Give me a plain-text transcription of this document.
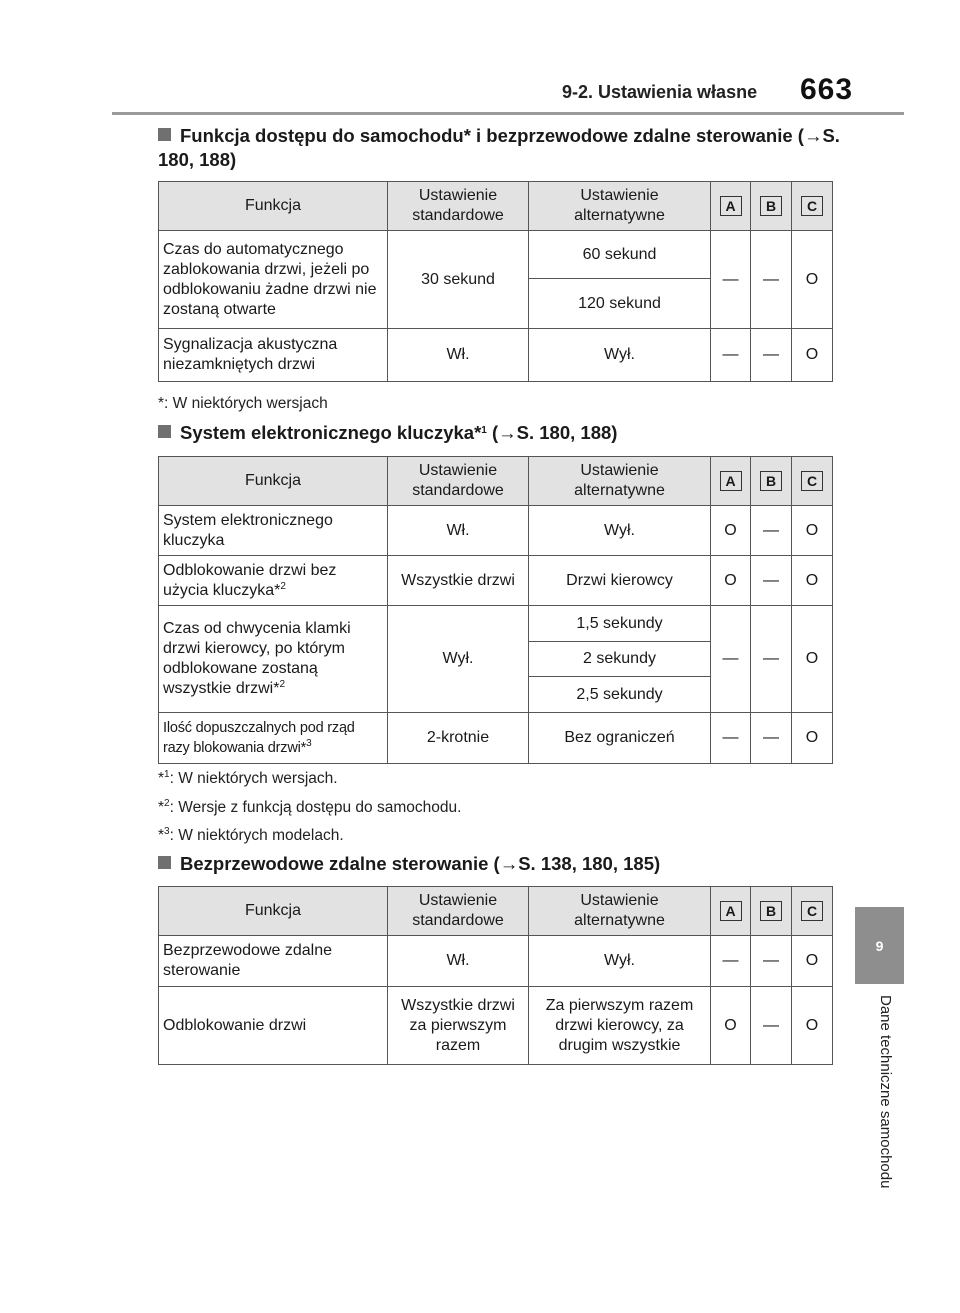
9-2. Ustawienia własne 663
9
Dane techniczne samochodu
Funkcja dostępu do samochodu* i bezprzewodowe zdalne sterowanie (→S. 180, 188)
Funkcja	Ustawienie standardowe	Ustawienie alternatywne	A	B	C
Czas do automatycznego zablokowania drzwi, jeżeli po odblokowaniu żadne drzwi nie zostaną otwarte	30 sekund	60 sekund	—	—	O
		120 sekund			
Sygnalizacja akustyczna niezamkniętych drzwi	Wł.	Wył.	—	—	O
*: W niektórych wersjach
System elektronicznego kluczyka*$^1$ (→S. 180, 188)
Funkcja	Ustawienie standardowe	Ustawienie alternatywne	A	B	C
System elektronicznego kluczyka	Wł.	Wył.	O	—	O
Odblokowanie drzwi bez użycia kluczyka*$^2$	Wszystkie drzwi	Drzwi kierowcy	O	—	O
Czas od chwycenia klamki drzwi kierowcy, po którym odblokowane zostaną wszystkie drzwi*$^2$	Wył.	1,5 sekundy	—	—	O
		2 sekundy			
		2,5 sekundy			
Ilość dopuszczalnych pod rząd razy blokowania drzwi*$^3$	2-krotnie	Bez ograniczeń	—	—	O
*$^1$: W niektórych wersjach.
*$^2$: Wersje z funkcją dostępu do samochodu.
*$^3$: W niektórych modelach.
Bezprzewodowe zdalne sterowanie (→S. 138, 180, 185)
Funkcja	Ustawienie standardowe	Ustawienie alternatywne	A	B	C
Bezprzewodowe zdalne sterowanie	Wł.	Wył.	—	—	O
Odblokowanie drzwi	Wszystkie drzwi za pierwszym razem	Za pierwszym razem drzwi kierowcy, za drugim wszystkie	O	—	O
